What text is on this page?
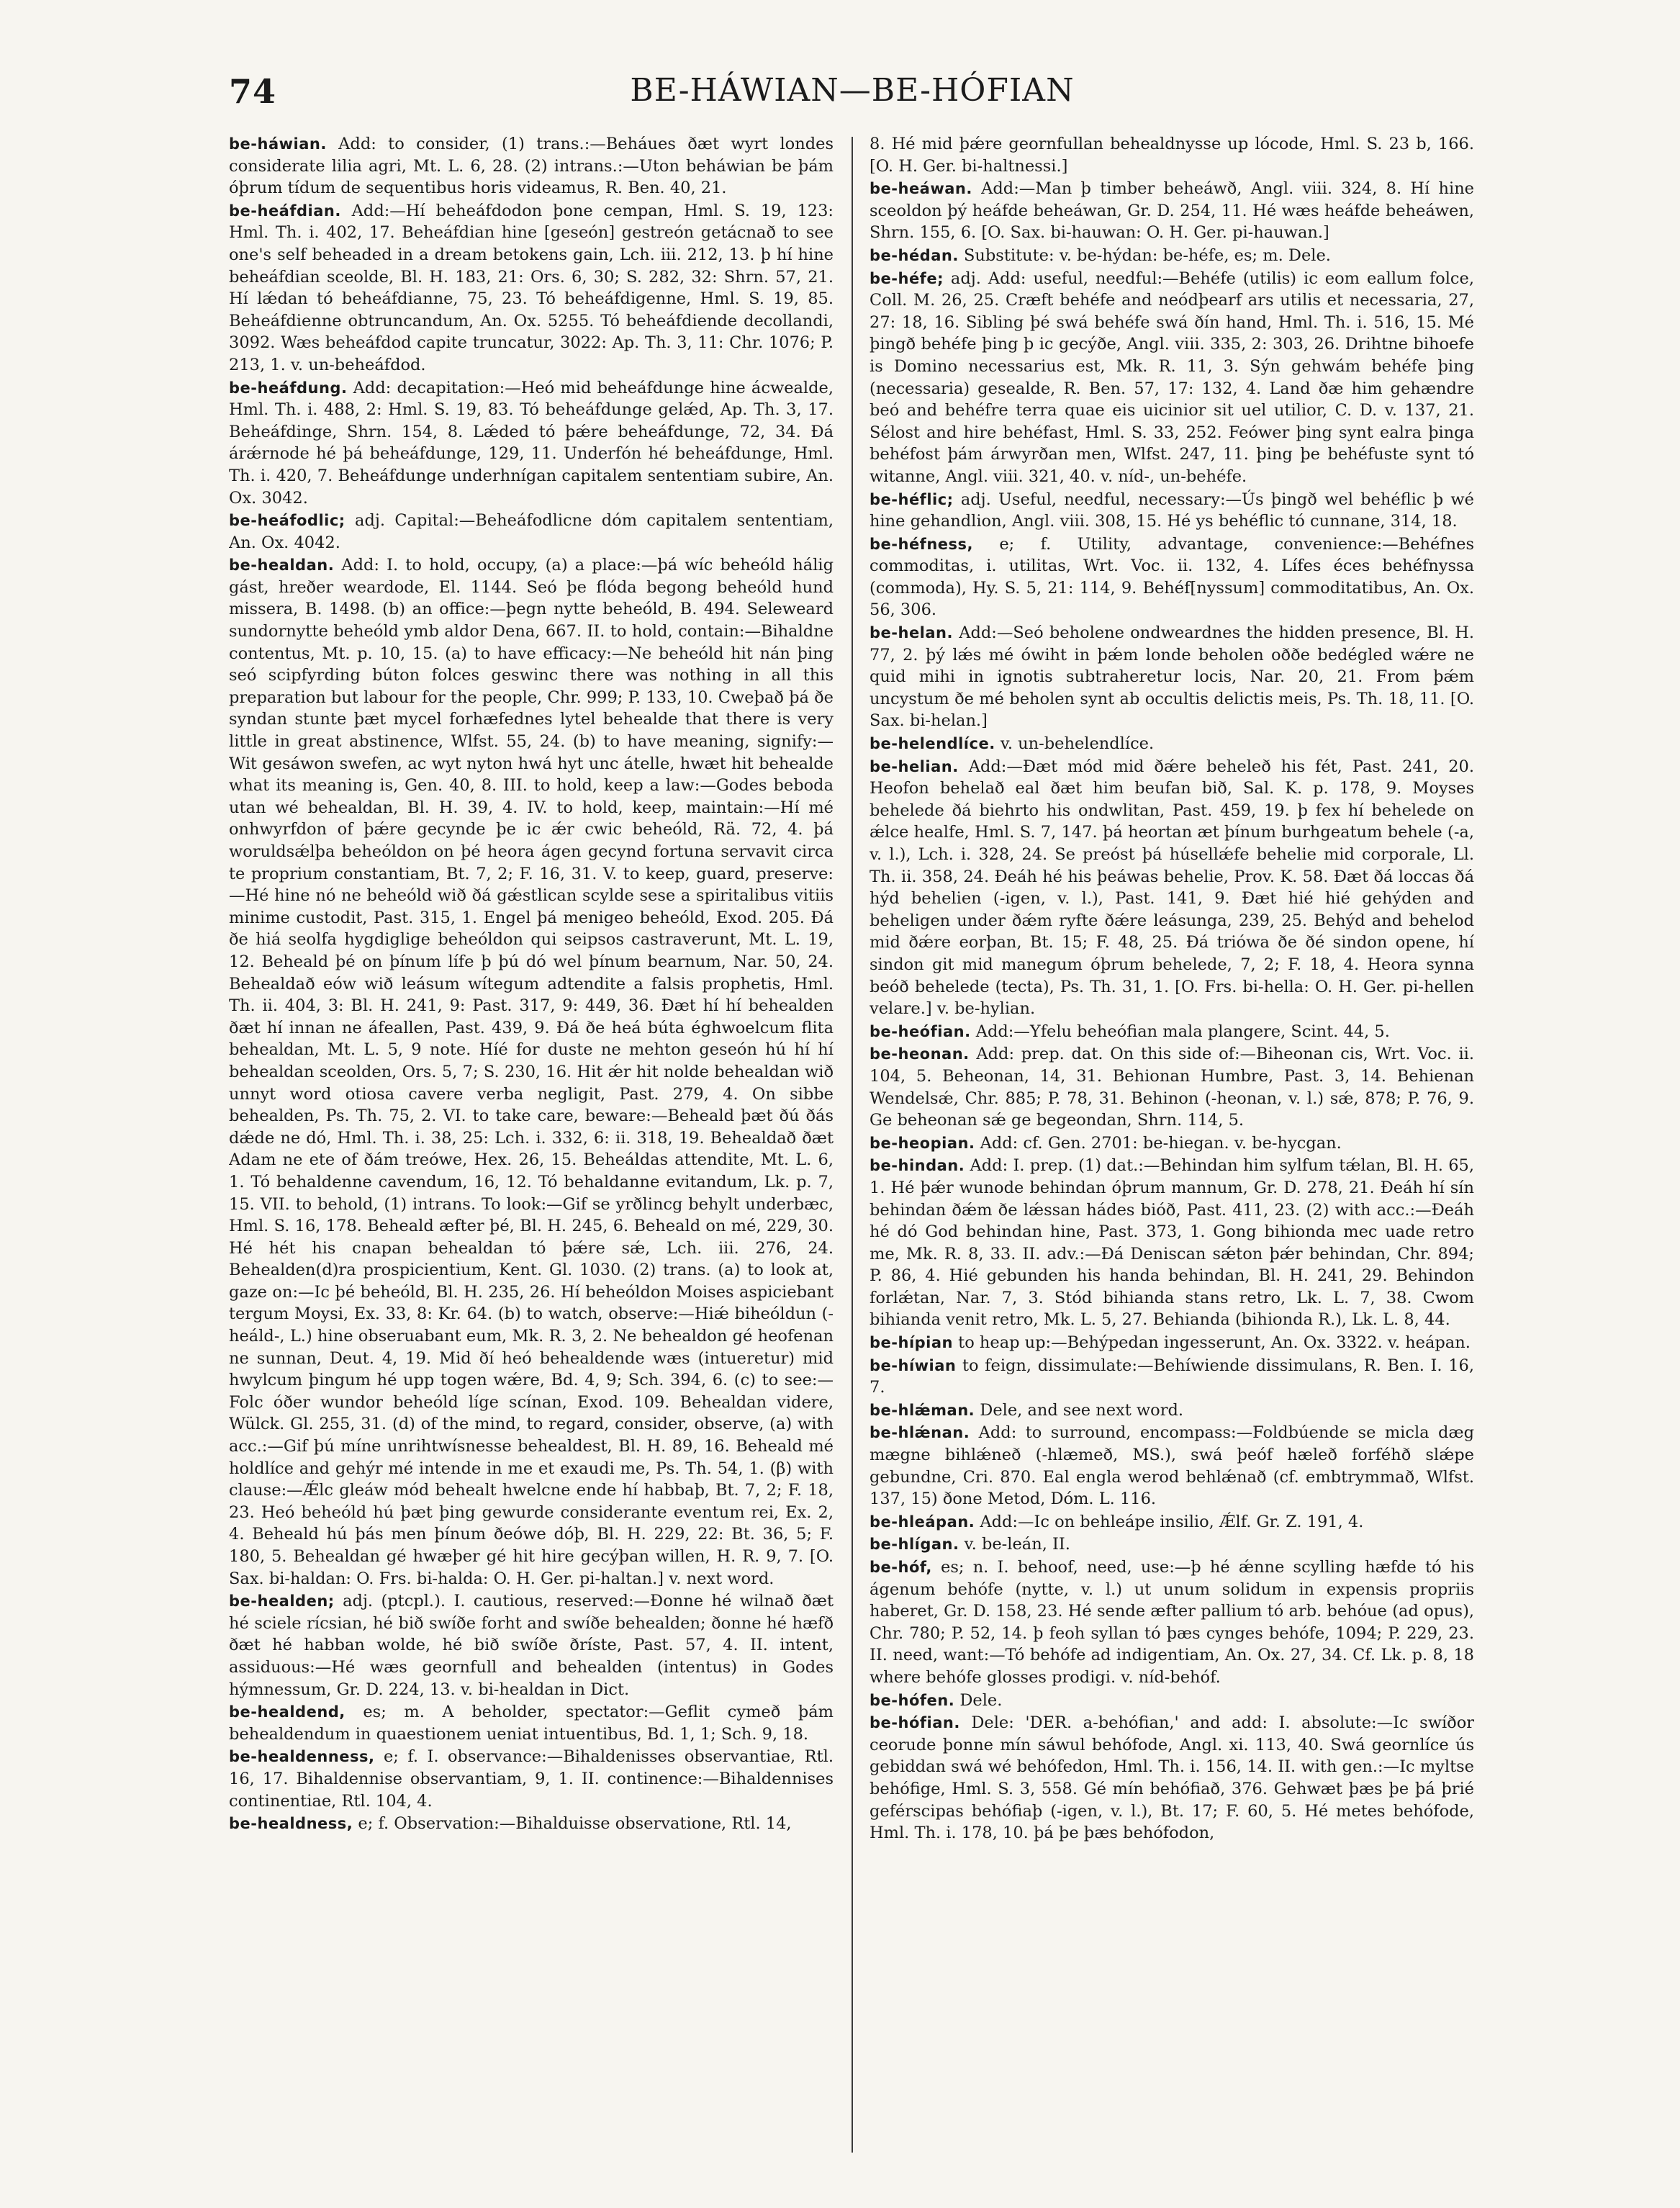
74	BE-HÁWIAN—BE-HÓFIAN

be-háwian. Add: to consider, (1) trans.:—Beháues ðæt wyrt londes considerate lilia agri, Mt. L. 6, 28. (2) intrans.:—Uton beháwian be þám óþrum tídum de sequentibus horis videamus, R. Ben. 40, 21.

be-heáfdian. Add:—Hí beheáfdodon þone cempan, Hml. S. 19, 123: Hml. Th. i. 402, 17. Beheáfdian hine [geseón] gestreón getácnað to see one's self beheaded in a dream betokens gain, Lch. iii. 212, 13. þ hí hine beheáfdian sceolde, Bl. H. 183, 21: Ors. 6, 30; S. 282, 32: Shrn. 57, 21. Hí lǽdan tó beheáfdianne, 75, 23. Tó beheáfdigenne, Hml. S. 19, 85. Beheáfdienne obtruncandum, An. Ox. 5255. Tó beheáfdiende decollandi, 3092. Wæs beheáfdod capite truncatur, 3022: Ap. Th. 3, 11: Chr. 1076; P. 213, 1. v. un-beheáfdod.

be-heáfdung. Add: decapitation:—Heó mid beheáfdunge hine ácwealde, Hml. Th. i. 488, 2: Hml. S. 19, 83. Tó beheáfdunge gelǽd, Ap. Th. 3, 17. Beheáfdinge, Shrn. 154, 8. Lǽded tó þǽre beheáfdunge, 72, 34. Ðá árǽrnode hé þá beheáfdunge, 129, 11. Underfón hé beheáfdunge, Hml. Th. i. 420, 7. Beheáfdunge underhnígan capitalem sententiam subire, An. Ox. 3042.

be-heáfodlic; adj. Capital:—Beheáfodlicne dóm capitalem sententiam, An. Ox. 4042.

be-healdan. Add: I. to hold, occupy, (a) a place:—þá wíc beheóld hálig gást, hreðer weardode, El. 1144. Seó þe flóda begong beheóld hund missera, B. 1498. (b) an office:—þegn nytte beheóld, B. 494. Seleweard sundornytte beheóld ymb aldor Dena, 667. II. to hold, contain:—Bihaldne contentus, Mt. p. 10, 15. (a) to have efficacy:—Ne beheóld hit nán þing seó scipfyrding búton folces geswinc there was nothing in all this preparation but labour for the people, Chr. 999; P. 133, 10. Cweþað þá ðe syndan stunte þæt mycel forhæfednes lytel behealde that there is very little in great abstinence, Wlfst. 55, 24. (b) to have meaning, signify:—Wit gesáwon swefen, ac wyt nyton hwá hyt unc átelle, hwæt hit behealde what its meaning is, Gen. 40, 8. III. to hold, keep a law:—Godes beboda utan wé behealdan, Bl. H. 39, 4. IV. to hold, keep, maintain:—Hí mé onhwyrfdon of þǽre gecynde þe ic ǽr cwic beheóld, Rä. 72, 4. þá woruldsǽlþa beheóldon on þé heora ágen gecynd fortuna servavit circa te proprium constantiam, Bt. 7, 2; F. 16, 31. V. to keep, guard, preserve:—Hé hine nó ne beheóld wið ðá gǽstlican scylde sese a spiritalibus vitiis minime custodit, Past. 315, 1. Engel þá menigeo beheóld, Exod. 205. Ðá ðe hiá seolfa hygdiglige beheóldon qui seipsos castraverunt, Mt. L. 19, 12. Beheald þé on þínum lífe þ þú dó wel þínum bearnum, Nar. 50, 24. Behealdað eów wið leásum wítegum adtendite a falsis prophetis, Hml. Th. ii. 404, 3: Bl. H. 241, 9: Past. 317, 9: 449, 36. Ðæt hí hí behealden ðæt hí innan ne áfeallen, Past. 439, 9. Ðá ðe heá búta éghwoelcum flita behealdan, Mt. L. 5, 9 note. Híé for duste ne mehton geseón hú hí hí behealdan sceolden, Ors. 5, 7; S. 230, 16. Hit ǽr hit nolde behealdan wið unnyt word otiosa cavere verba negligit, Past. 279, 4. On sibbe behealden, Ps. Th. 75, 2. VI. to take care, beware:—Beheald þæt ðú ðás dǽde ne dó, Hml. Th. i. 38, 25: Lch. i. 332, 6: ii. 318, 19. Behealdað ðæt Adam ne ete of ðám treówe, Hex. 26, 15. Beheáldas attendite, Mt. L. 6, 1. Tó behaldenne cavendum, 16, 12. Tó behaldanne evitandum, Lk. p. 7, 15. VII. to behold, (1) intrans. To look:—Gif se yrðlincg behylt underbæc, Hml. S. 16, 178. Beheald æfter þé, Bl. H. 245, 6. Beheald on mé, 229, 30. Hé hét his cnapan behealdan tó þǽre sǽ, Lch. iii. 276, 24. Behealden(d)ra prospicientium, Kent. Gl. 1030. (2) trans. (a) to look at, gaze on:—Ic þé beheóld, Bl. H. 235, 26. Hí beheóldon Moises aspiciebant tergum Moysi, Ex. 33, 8: Kr. 64. (b) to watch, observe:—Hiǽ biheóldun (-heáld-, L.) hine obseruabant eum, Mk. R. 3, 2. Ne behealdon gé heofenan ne sunnan, Deut. 4, 19. Mid ðí heó behealdende wæs (intueretur) mid hwylcum þingum hé upp togen wǽre, Bd. 4, 9; Sch. 394, 6. (c) to see:—Folc óðer wundor beheóld líge scínan, Exod. 109. Behealdan videre, Wülck. Gl. 255, 31. (d) of the mind, to regard, consider, observe, (a) with acc.:—Gif þú míne unrihtwísnesse behealdest, Bl. H. 89, 16. Beheald mé holdlíce and gehýr mé intende in me et exaudi me, Ps. Th. 54, 1. (β) with clause:—Ǽlc gleáw mód behealt hwelcne ende hí habbaþ, Bt. 7, 2; F. 18, 23. Heó beheóld hú þæt þing gewurde considerante eventum rei, Ex. 2, 4. Beheald hú þás men þínum ðeówe dóþ, Bl. H. 229, 22: Bt. 36, 5; F. 180, 5. Behealdan gé hwæþer gé hit hire gecýþan willen, H. R. 9, 7. [O. Sax. bi-haldan: O. Frs. bi-halda: O. H. Ger. pi-haltan.] v. next word.

be-healden; adj. (ptcpl.). I. cautious, reserved:—Ðonne hé wilnað ðæt hé sciele rícsian, hé bið swíðe forht and swíðe behealden; ðonne hé hæfð ðæt hé habban wolde, hé bið swíðe ðríste, Past. 57, 4. II. intent, assiduous:—Hé wæs geornfull and behealden (intentus) in Godes hýmnessum, Gr. D. 224, 13. v. bi-healdan in Dict.

be-healdend, es; m. A beholder, spectator:—Geflit cymeð þám behealdendum in quaestionem ueniat intuentibus, Bd. 1, 1; Sch. 9, 18.

be-healdenness, e; f. I. observance:—Bihaldenisses observantiae, Rtl. 16, 17. Bihaldennise observantiam, 9, 1. II. continence:—Bihaldennises continentiae, Rtl. 104, 4.

be-healdness, e; f. Observation:—Bihalduisse observatione, Rtl. 14,

8. Hé mid þǽre geornfullan behealdnysse up lócode, Hml. S. 23 b, 166. [O. H. Ger. bi-haltnessi.]

be-heáwan. Add:—Man þ timber beheáwð, Angl. viii. 324, 8. Hí hine sceoldon þý heáfde beheáwan, Gr. D. 254, 11. Hé wæs heáfde beheáwen, Shrn. 155, 6. [O. Sax. bi-hauwan: O. H. Ger. pi-hauwan.]

be-hédan. Substitute: v. be-hýdan: be-héfe, es; m. Dele.

be-héfe; adj. Add: useful, needful:—Behéfe (utilis) ic eom eallum folce, Coll. M. 26, 25. Cræft behéfe and neódþearf ars utilis et necessaria, 27, 27: 18, 16. Sibling þé swá behéfe swá ðín hand, Hml. Th. i. 516, 15. Mé þingð behéfe þing þ ic gecýðe, Angl. viii. 335, 2: 303, 26. Drihtne bihoefe is Domino necessarius est, Mk. R. 11, 3. Sýn gehwám behéfe þing (necessaria) gesealde, R. Ben. 57, 17: 132, 4. Land ðæ him gehændre beó and behéfre terra quae eis uicinior sit uel utilior, C. D. v. 137, 21. Sélost and hire behéfast, Hml. S. 33, 252. Feówer þing synt ealra þinga behéfost þám árwyrðan men, Wlfst. 247, 11. þing þe behéfuste synt tó witanne, Angl. viii. 321, 40. v. níd-, un-behéfe.

be-héflic; adj. Useful, needful, necessary:—Ús þingð wel behéflic þ wé hine gehandlion, Angl. viii. 308, 15. Hé ys behéflic tó cunnane, 314, 18.

be-héfness, e; f. Utility, advantage, convenience:—Behéfnes commoditas, i. utilitas, Wrt. Voc. ii. 132, 4. Lífes éces behéfnyssa (commoda), Hy. S. 5, 21: 114, 9. Behéf[nyssum] commoditatibus, An. Ox. 56, 306.

be-helan. Add:—Seó beholene ondweardnes the hidden presence, Bl. H. 77, 2. þý lǽs mé ówiht in þǽm londe beholen oððe bedégled wǽre ne quid mihi in ignotis subtraheretur locis, Nar. 20, 21. From þǽm uncystum ðe mé beholen synt ab occultis delictis meis, Ps. Th. 18, 11. [O. Sax. bi-helan.]

be-helendlíce. v. un-behelendlíce.

be-helian. Add:—Ðæt mód mid ðǽre beheleð his fét, Past. 241, 20. Heofon behelað eal ðæt him beufan bið, Sal. K. p. 178, 9. Moyses behelede ðá biehrto his ondwlitan, Past. 459, 19. þ fex hí behelede on ǽlce healfe, Hml. S. 7, 147. þá heortan æt þínum burhgeatum behele (-a, v. l.), Lch. i. 328, 24. Se preóst þá húsellǽfe behelie mid corporale, Ll. Th. ii. 358, 24. Ðeáh hé his þeáwas behelie, Prov. K. 58. Ðæt ðá loccas ðá hýd behelien (-igen, v. l.), Past. 141, 9. Ðæt hié hié gehýden and beheligen under ðǽm ryfte ðǽre leásunga, 239, 25. Behýd and behelod mid ðǽre eorþan, Bt. 15; F. 48, 25. Ðá triówa ðe ðé sindon opene, hí sindon git mid manegum óþrum behelede, 7, 2; F. 18, 4. Heora synna beóð behelede (tecta), Ps. Th. 31, 1. [O. Frs. bi-hella: O. H. Ger. pi-hellen velare.] v. be-hylian.

be-heófian. Add:—Yfelu beheófian mala plangere, Scint. 44, 5.

be-heonan. Add: prep. dat. On this side of:—Biheonan cis, Wrt. Voc. ii. 104, 5. Beheonan, 14, 31. Behionan Humbre, Past. 3, 14. Behienan Wendelsǽ, Chr. 885; P. 78, 31. Behinon (-heonan, v. l.) sǽ, 878; P. 76, 9. Ge beheonan sǽ ge begeondan, Shrn. 114, 5.

be-heopian. Add: cf. Gen. 2701: be-hiegan. v. be-hycgan.

be-hindan. Add: I. prep. (1) dat.:—Behindan him sylfum tǽlan, Bl. H. 65, 1. Hé þǽr wunode behindan óþrum mannum, Gr. D. 278, 21. Ðeáh hí sín behindan ðǽm ðe lǽssan hádes bióð, Past. 411, 23. (2) with acc.:—Ðeáh hé dó God behindan hine, Past. 373, 1. Gong bihionda mec uade retro me, Mk. R. 8, 33. II. adv.:—Ðá Deniscan sǽton þǽr behindan, Chr. 894; P. 86, 4. Hié gebunden his handa behindan, Bl. H. 241, 29. Behindon forlǽtan, Nar. 7, 3. Stód bihianda stans retro, Lk. L. 7, 38. Cwom bihianda venit retro, Mk. L. 5, 27. Behianda (bihionda R.), Lk. L. 8, 44.

be-hípian to heap up:—Behýpedan ingesserunt, An. Ox. 3322. v. heápan.

be-híwian to feign, dissimulate:—Behíwiende dissimulans, R. Ben. I. 16, 7.

be-hlǽman. Dele, and see next word.

be-hlǽnan. Add: to surround, encompass:—Foldbúende se micla dæg mægne bihlǽneð (-hlæmeð, MS.), swá þeóf hæleð forféhð slǽpe gebundne, Cri. 870. Eal engla werod behlǽnað (cf. embtrymmað, Wlfst. 137, 15) ðone Metod, Dóm. L. 116.

be-hleápan. Add:—Ic on behleápe insilio, Ǽlf. Gr. Z. 191, 4.

be-hlígan. v. be-leán, II.

be-hóf, es; n. I. behoof, need, use:—þ hé ǽnne scylling hæfde tó his ágenum behófe (nytte, v. l.) ut unum solidum in expensis propriis haberet, Gr. D. 158, 23. Hé sende æfter pallium tó arb. behóue (ad opus), Chr. 780; P. 52, 14. þ feoh syllan tó þæs cynges behófe, 1094; P. 229, 23. II. need, want:—Tó behófe ad indigentiam, An. Ox. 27, 34. Cf. Lk. p. 8, 18 where behófe glosses prodigi. v. níd-behóf.

be-hófen. Dele.

be-hófian. Dele: 'DER. a-behófian,' and add: I. absolute:—Ic swíðor ceorude þonne mín sáwul behófode, Angl. xi. 113, 40. Swá geornlíce ús gebiddan swá wé behófedon, Hml. Th. i. 156, 14. II. with gen.:—Ic myltse behófige, Hml. S. 3, 558. Gé mín behófiað, 376. Gehwæt þæs þe þá þrié geférscipas behófiaþ (-igen, v. l.), Bt. 17; F. 60, 5. Hé metes behófode, Hml. Th. i. 178, 10. þá þe þæs behófodon,
